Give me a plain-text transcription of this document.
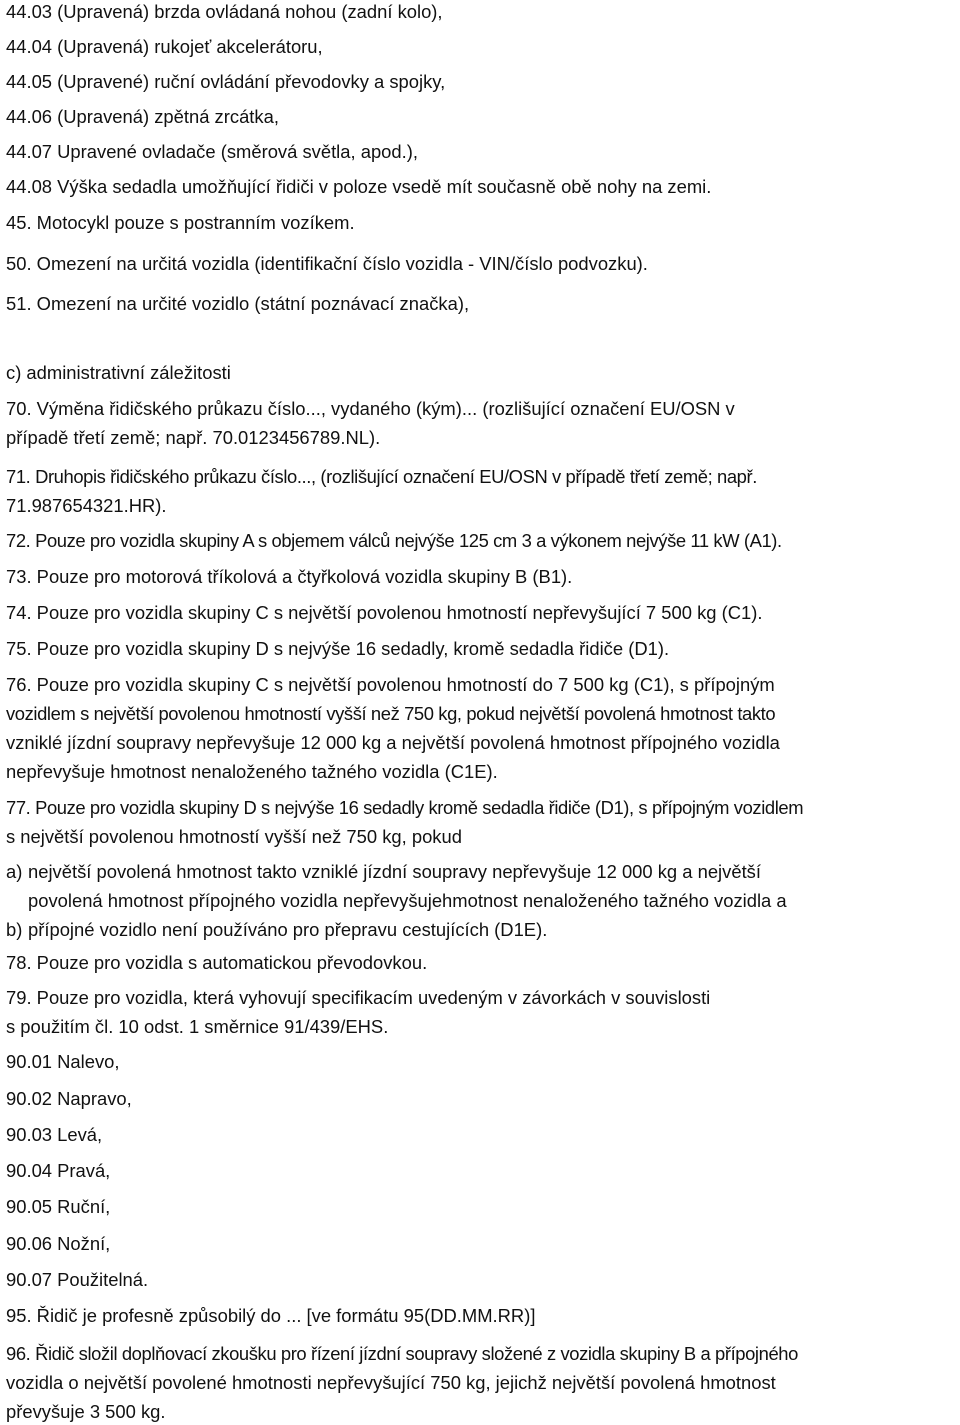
44.03 (Upravená) brzda ovládaná nohou (zadní kolo),
44.04 (Upravená) rukojeť akcelerátoru,
44.05 (Upravené) ruční ovládání převodovky a spojky,
44.06 (Upravená) zpětná zrcátka,
44.07 Upravené ovladače (směrová světla, apod.),
44.08 Výška sedadla umožňující řidiči v poloze vsedě mít současně obě nohy na zemi.
45. Motocykl pouze s postranním vozíkem.
50. Omezení na určitá vozidla (identifikační číslo vozidla - VIN/číslo podvozku).
51. Omezení na určité vozidlo (státní poznávací značka),
c) administrativní záležitosti
70. Výměna řidičského průkazu číslo..., vydaného (kým)... (rozlišující označení EU/OSN v
případě třetí země; např. 70.0123456789.NL).
71. Druhopis řidičského průkazu číslo..., (rozlišující označení EU/OSN v případě třetí země; např.
71.987654321.HR).
72. Pouze pro vozidla skupiny A s objemem válců nejvýše 125 cm 3 a výkonem nejvýše 11 kW (A1).
73. Pouze pro motorová tříkolová a čtyřkolová vozidla skupiny B (B1).
74. Pouze pro vozidla skupiny C s největší povolenou hmotností nepřevyšující 7 500 kg (C1).
75. Pouze pro vozidla skupiny D s nejvýše 16 sedadly, kromě sedadla řidiče (D1).
76. Pouze pro vozidla skupiny C s největší povolenou hmotností do 7 500 kg (C1), s přípojným
vozidlem s největší povolenou hmotností vyšší než 750 kg, pokud největší povolená hmotnost takto
vzniklé jízdní soupravy nepřevyšuje 12 000 kg a největší povolená hmotnost přípojného vozidla
nepřevyšuje hmotnost nenaloženého tažného vozidla (C1E).
77. Pouze pro vozidla skupiny D s nejvýše 16 sedadly kromě sedadla řidiče (D1), s přípojným vozidlem
s největší povolenou hmotností vyšší než 750 kg, pokud
a) největší povolená hmotnost takto vzniklé jízdní soupravy nepřevyšuje 12 000 kg a největší
povolená hmotnost přípojného vozidla nepřevyšujehmotnost nenaloženého tažného vozidla a
b) přípojné vozidlo není používáno pro přepravu cestujících (D1E).
78. Pouze pro vozidla s automatickou převodovkou.
79. Pouze pro vozidla, která vyhovují specifikacím uvedeným v závorkách v souvislosti
s použitím čl. 10 odst. 1 směrnice 91/439/EHS.
90.01 Nalevo,
90.02 Napravo,
90.03 Levá,
90.04 Pravá,
90.05 Ruční,
90.06 Nožní,
90.07 Použitelná.
95. Řidič je profesně způsobilý do ... [ve formátu 95(DD.MM.RR)]
96. Řidič složil doplňovací zkoušku pro řízení jízdní soupravy složené z vozidla skupiny B a přípojného
vozidla o největší povolené hmotnosti nepřevyšující 750 kg, jejichž největší povolená hmotnost
převyšuje 3 500 kg.
